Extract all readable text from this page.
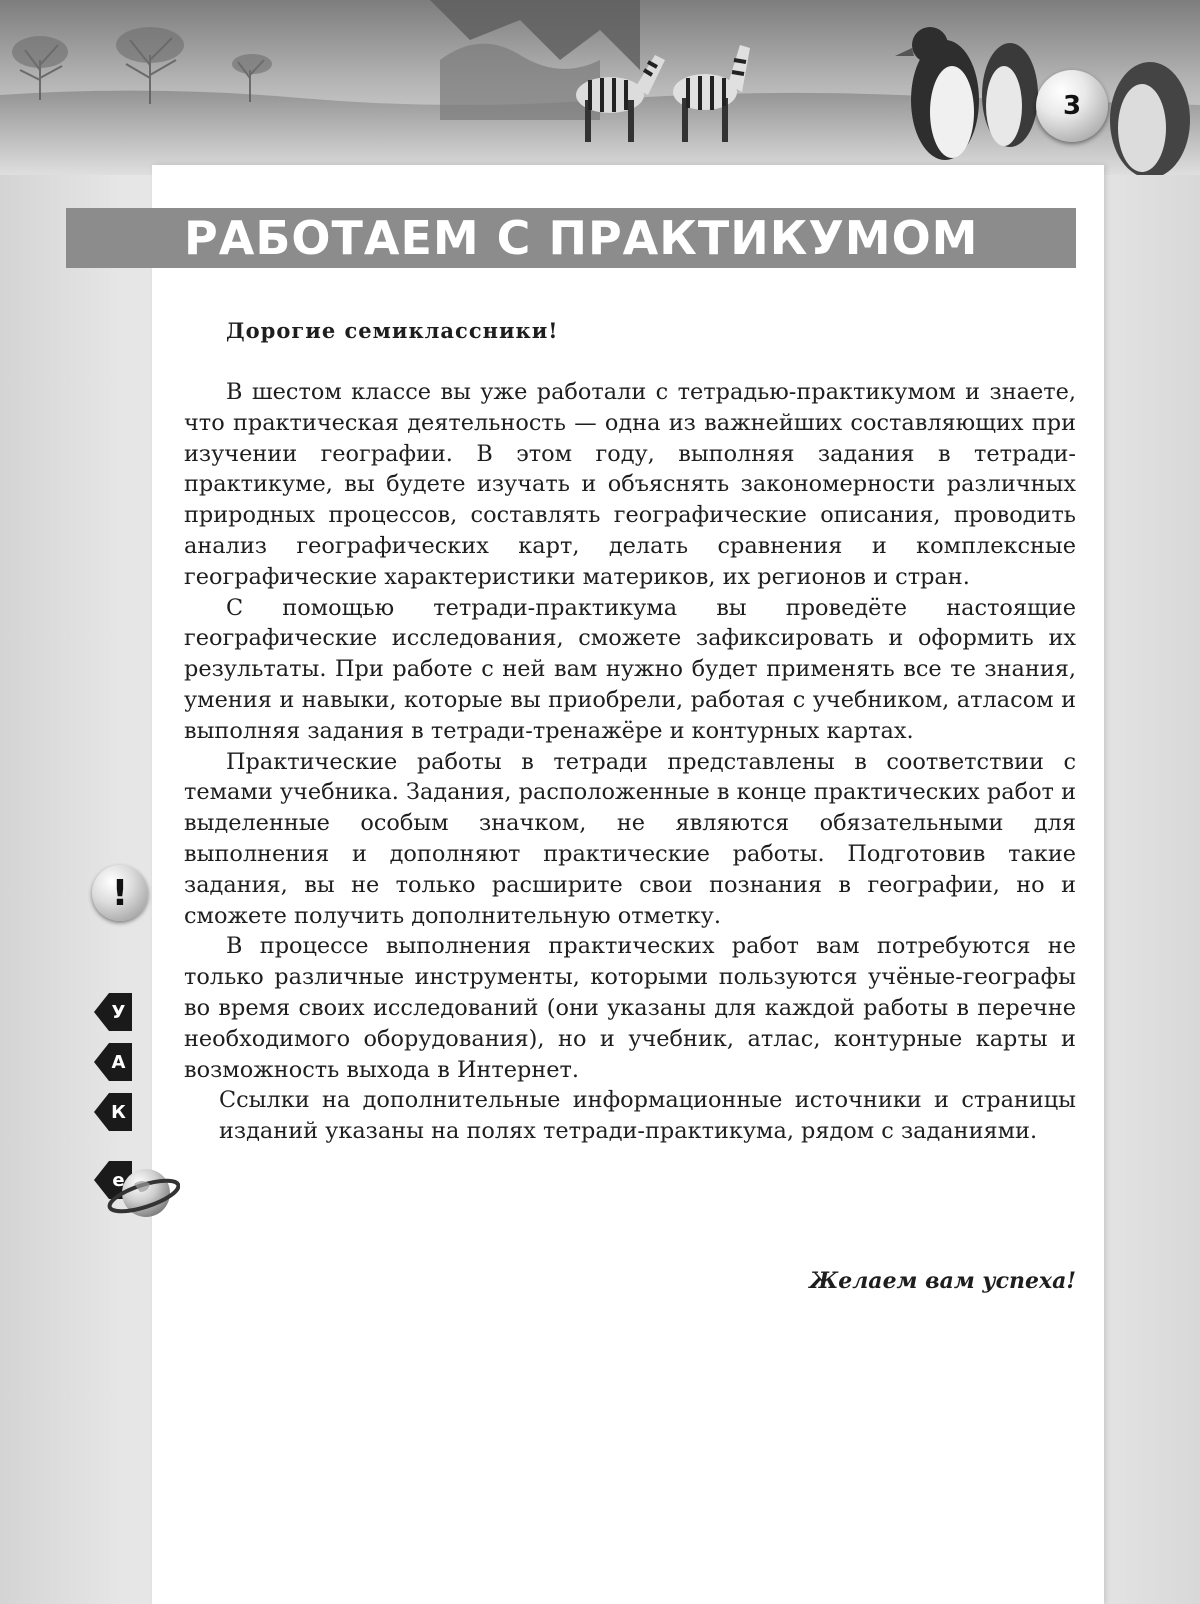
3
РАБОТАЕМ С ПРАКТИКУМОМ

Дорогие семиклассники!

В шестом классе вы уже работали с тетрадью-практикумом и знаете, что практическая деятельность — одна из важнейших составляющих при изучении географии. В этом году, выполняя задания в тетради-практикуме, вы будете изучать и объяснять закономерности различных природных процессов, составлять географические описания, проводить анализ географических карт, делать сравнения и комплексные географические характеристики материков, их регионов и стран.

С помощью тетради-практикума вы проведёте настоящие географические исследования, сможете зафиксировать и оформить их результаты. При работе с ней вам нужно будет применять все те знания, умения и навыки, которые вы приобрели, работая с учебником, атласом и выполняя задания в тетради-тренажёре и контурных картах.

Практические работы в тетради представлены в соответствии с темами учебника. Задания, расположенные в конце практических работ и выделенные особым значком, не являются обязательными для выполнения и дополняют практические работы. Подготовив такие задания, вы не только расширите свои познания в географии, но и сможете получить дополнительную отметку.

В процессе выполнения практических работ вам потребуются не только различные инструменты, которыми пользуются учёные-географы во время своих исследований (они указаны для каждой работы в перечне необходимого оборудования), но и учебник, атлас, контурные карты и возможность выхода в Интернет.

Ссылки на дополнительные информационные источники и страницы изданий указаны на полях тетради-практикума, рядом с заданиями.

Желаем вам успеха!

!
У
А
К
e
